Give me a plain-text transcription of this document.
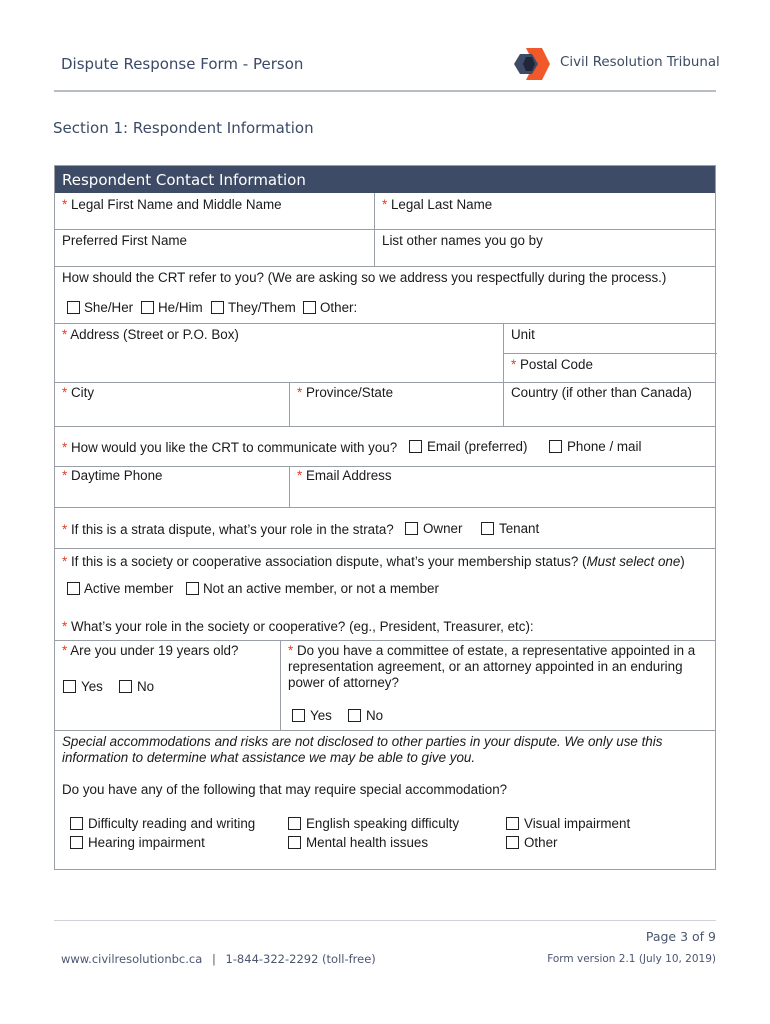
Dispute Response Form - Person	Civil Resolution Tribunal
Section 1: Respondent Information
Respondent Contact Information
* Legal First Name and Middle Name	* Legal Last Name
Preferred First Name	List other names you go by
How should the CRT refer to you? (We are asking so we address you respectfully during the process.)
She/Her He/Him They/Them Other:
* Address (Street or P.O. Box)	Unit
* Postal Code
* City	* Province/State	Country (if other than Canada)
* How would you like the CRT to communicate with you? Email (preferred)	Phone / mail
* Daytime Phone	* Email Address
* If this is a strata dispute, what’s your role in the strata? Owner	Tenant
* If this is a society or cooperative association dispute, what’s your membership status? (Must select one)
Active member Not an active member, or not a member
* What’s your role in the society or cooperative? (eg., President, Treasurer, etc):
* Are you under 19 years old?
Yes	No
* Do you have a committee of estate, a representative appointed in a
representation agreement, or an attorney appointed in an enduring
power of attorney?
Yes	No
Special accommodations and risks are not disclosed to other parties in your dispute. We only use this
information to determine what assistance we may be able to give you.
Do you have any of the following that may require special accommodation?
Difficulty reading and writing	English speaking difficulty	Visual impairment
Hearing impairment	Mental health issues	Other
Page 3 of 9
www.civilresolutionbc.ca | 1-844-322-2292 (toll-free)	Form version 2.1 (July 10, 2019)
